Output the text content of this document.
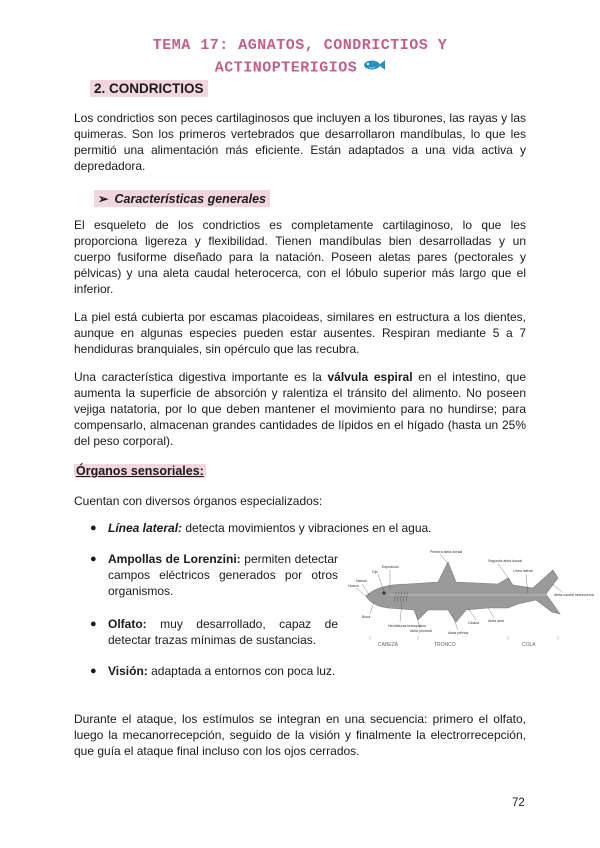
TEMA 17: AGNATOS, CONDRICTIOS Y
ACTINOPTERIGIOS
2. CONDRICTIOS

Los condrictios son peces cartilaginosos que incluyen a los tiburones, las rayas y las quimeras. Son los primeros vertebrados que desarrollaron mandíbulas, lo que les permitió una alimentación más eficiente. Están adaptados a una vida activa y depredadora.

➢ Características generales

El esqueleto de los condrictios es completamente cartilaginoso, lo que les proporciona ligereza y flexibilidad. Tienen mandíbulas bien desarrolladas y un cuerpo fusiforme diseñado para la natación. Poseen aletas pares (pectorales y pélvicas) y una aleta caudal heterocerca, con el lóbulo superior más largo que el inferior.

La piel está cubierta por escamas placoideas, similares en estructura a los dientes, aunque en algunas especies pueden estar ausentes. Respiran mediante 5 a 7 hendiduras branquiales, sin opérculo que las recubra.

Una característica digestiva importante es la válvula espiral en el intestino, que aumenta la superficie de absorción y ralentiza el tránsito del alimento. No poseen vejiga natatoria, por lo que deben mantener el movimiento para no hundirse; para compensarlo, almacenan grandes cantidades de lípidos en el hígado (hasta un 25% del peso corporal).

Órganos sensoriales:

Cuentan con diversos órganos especializados:

● Línea lateral: detecta movimientos y vibraciones en el agua.
● Ampollas de Lorenzini: permiten detectar campos eléctricos generados por otros organismos.
● Olfato: muy desarrollado, capaz de detectar trazas mínimas de sustancias.
● Visión: adaptada a entornos con poca luz.
Primera aleta dorsal
Segunda aleta dorsal
Línea lateral
Aleta caudal heterocerca
Espiráculo
Ojo
Narina
Hendiduras branquiales
Aleta pectoral	Aleta pélvica
Aleta anal
Cloaca
Boca
Hocico
CABEZA	TRONCO	COLA

Durante el ataque, los estímulos se integran en una secuencia: primero el olfato, luego la mecanorrecepción, seguido de la visión y finalmente la electrorrecepción, que guía el ataque final incluso con los ojos cerrados.

72
